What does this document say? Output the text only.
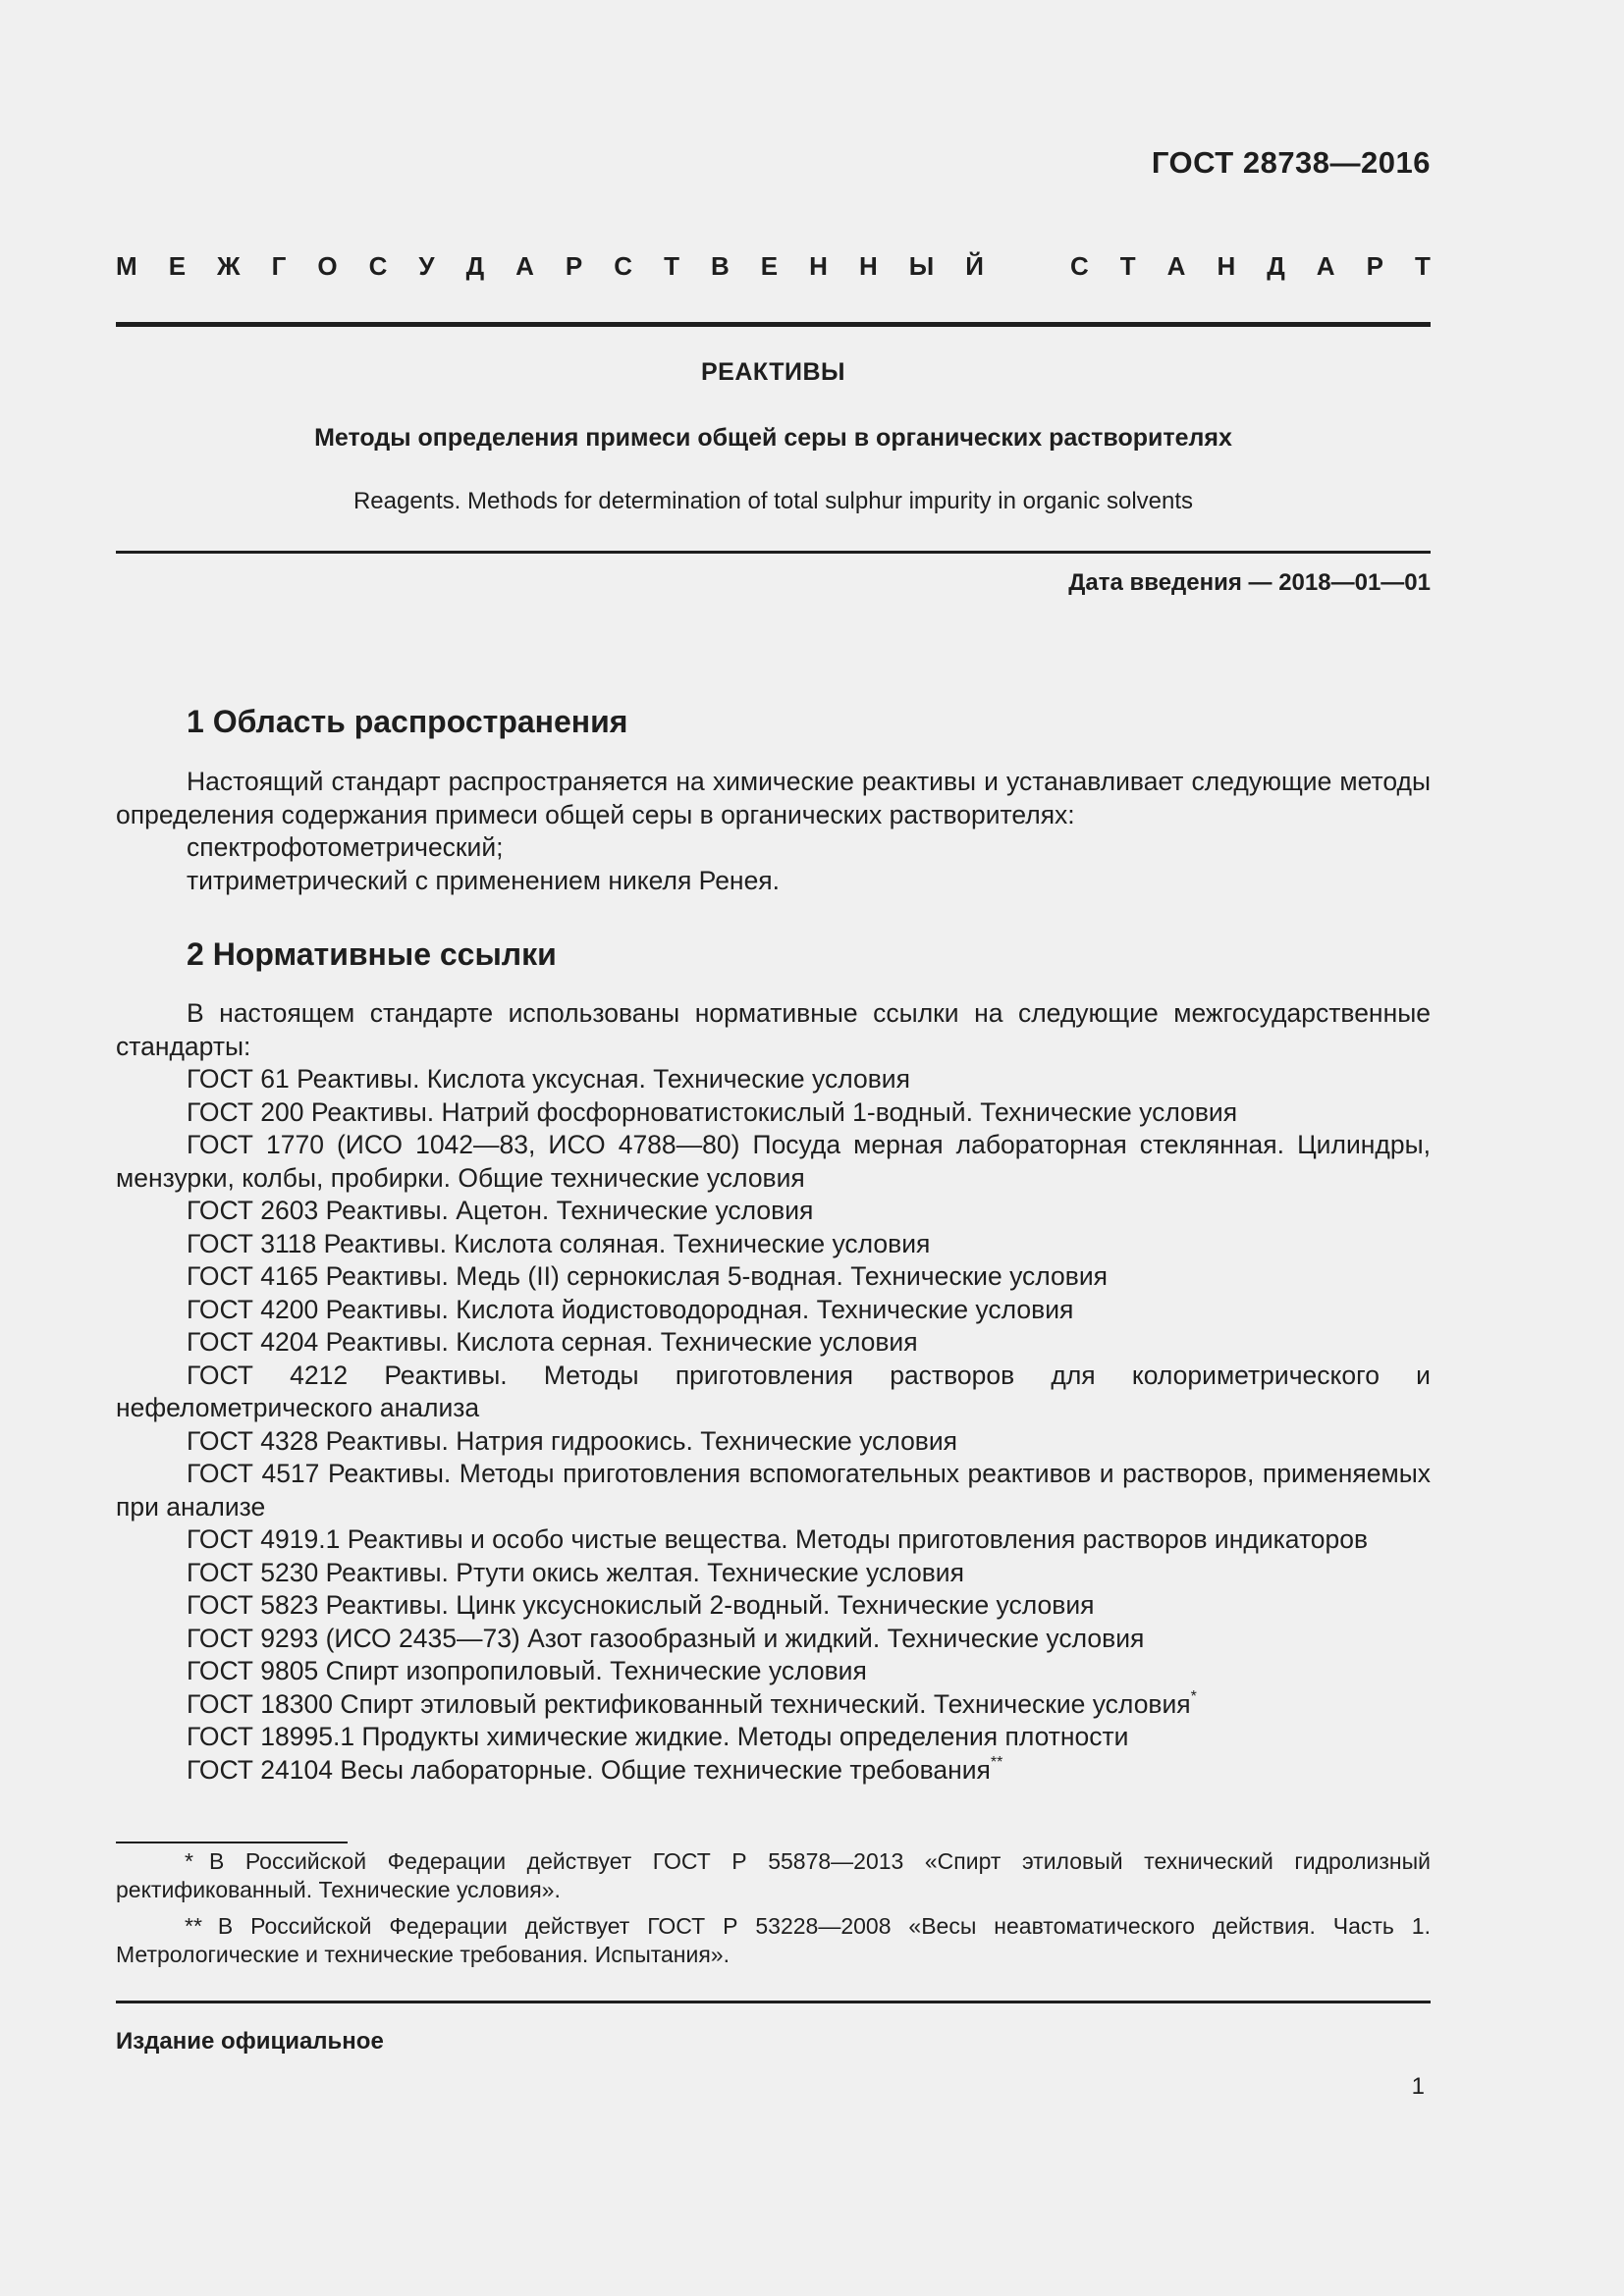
ГОСТ 28738—2016
М Е Ж Г О С У Д А Р С Т В Е Н Н Ы Й	С Т А Н Д А Р Т
РЕАКТИВЫ
Методы определения примеси общей серы в органических растворителях
Reagents. Methods for determination of total sulphur impurity in organic solvents
Дата введения — 2018—01—01
1 Область распространения

Настоящий стандарт распространяется на химические реактивы и устанавливает следующие методы определения содержания примеси общей серы в органических растворителях:

спектрофотометрический;

титриметрический с применением никеля Ренея.

2 Нормативные ссылки

В настоящем стандарте использованы нормативные ссылки на следующие межгосударственные стандарты:

ГОСТ 61 Реактивы. Кислота уксусная. Технические условия

ГОСТ 200 Реактивы. Натрий фосфорноватистокислый 1-водный. Технические условия

ГОСТ 1770 (ИСО 1042—83, ИСО 4788—80) Посуда мерная лабораторная стеклянная. Цилиндры, мензурки, колбы, пробирки. Общие технические условия

ГОСТ 2603 Реактивы. Ацетон. Технические условия

ГОСТ 3118 Реактивы. Кислота соляная. Технические условия

ГОСТ 4165 Реактивы. Медь (II) сернокислая 5-водная. Технические условия

ГОСТ 4200 Реактивы. Кислота йодистоводородная. Технические условия

ГОСТ 4204 Реактивы. Кислота серная. Технические условия

ГОСТ 4212 Реактивы. Методы приготовления растворов для колориметрического и нефелометрического анализа

ГОСТ 4328 Реактивы. Натрия гидроокись. Технические условия

ГОСТ 4517 Реактивы. Методы приготовления вспомогательных реактивов и растворов, применяемых при анализе

ГОСТ 4919.1 Реактивы и особо чистые вещества. Методы приготовления растворов индикаторов

ГОСТ 5230 Реактивы. Ртути окись желтая. Технические условия

ГОСТ 5823 Реактивы. Цинк уксуснокислый 2-водный. Технические условия

ГОСТ 9293 (ИСО 2435—73) Азот газообразный и жидкий. Технические условия

ГОСТ 9805 Спирт изопропиловый. Технические условия

ГОСТ 18300 Спирт этиловый ректификованный технический. Технические условия*

ГОСТ 18995.1 Продукты химические жидкие. Методы определения плотности

ГОСТ 24104 Весы лабораторные. Общие технические требования**

* В Российской Федерации действует ГОСТ Р 55878—2013 «Спирт этиловый технический гидролизный ректификованный. Технические условия».

** В Российской Федерации действует ГОСТ Р 53228—2008 «Весы неавтоматического действия. Часть 1. Метрологические и технические требования. Испытания».

Издание официальное
1
